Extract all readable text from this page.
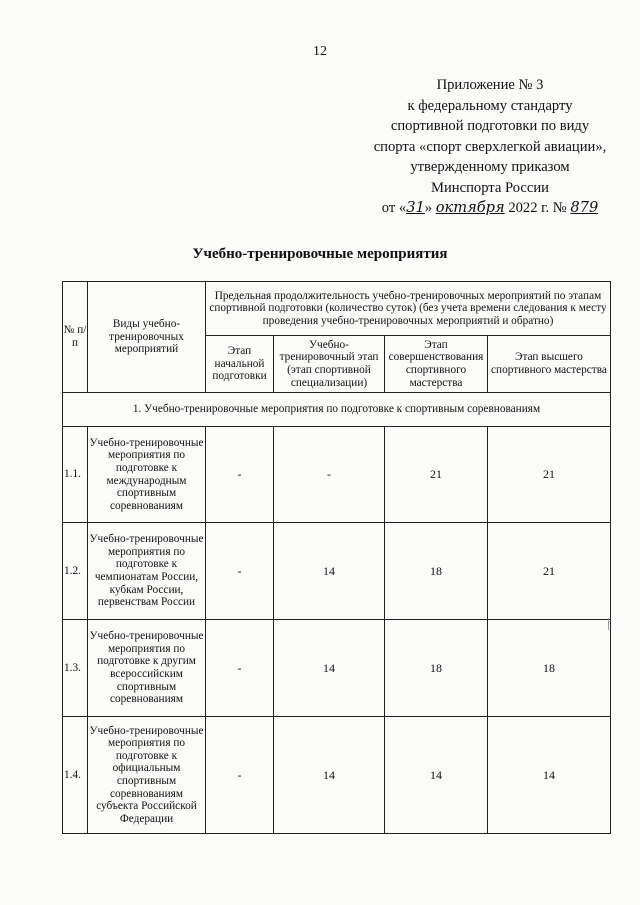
12
Приложение № 3
к федеральному стандарту
спортивной подготовки по виду
спорта «спорт сверхлегкой авиации»,
утвержденному приказом
Минспорта России
от «31» октября 2022 г. № 879
Учебно-тренировочные мероприятия
№ п/п	Виды учебно-тренировочных мероприятий	Предельная продолжительность учебно-тренировочных мероприятий по этапам спортивной подготовки (количество суток) (без учета времени следования к месту проведения учебно-тренировочных мероприятий и обратно)			
		Этап начальной подготовки	Учебно-тренировочный этап (этап спортивной специализации)	Этап совершенствования спортивного мастерства	Этап высшего спортивного мастерства
1. Учебно-тренировочные мероприятия по подготовке к спортивным соревнованиям					
1.1.	Учебно-тренировочные мероприятия по подготовке к международным спортивным соревнованиям	-	-	21	21
1.2.	Учебно-тренировочные мероприятия по подготовке к чемпионатам России, кубкам России, первенствам России	-	14	18	21
1.3.	Учебно-тренировочные мероприятия по подготовке к другим всероссийским спортивным соревнованиям	-	14	18	18
1.4.	Учебно-тренировочные мероприятия по подготовке к официальным спортивным соревнованиям субъекта Российской Федерации	-	14	14	14
